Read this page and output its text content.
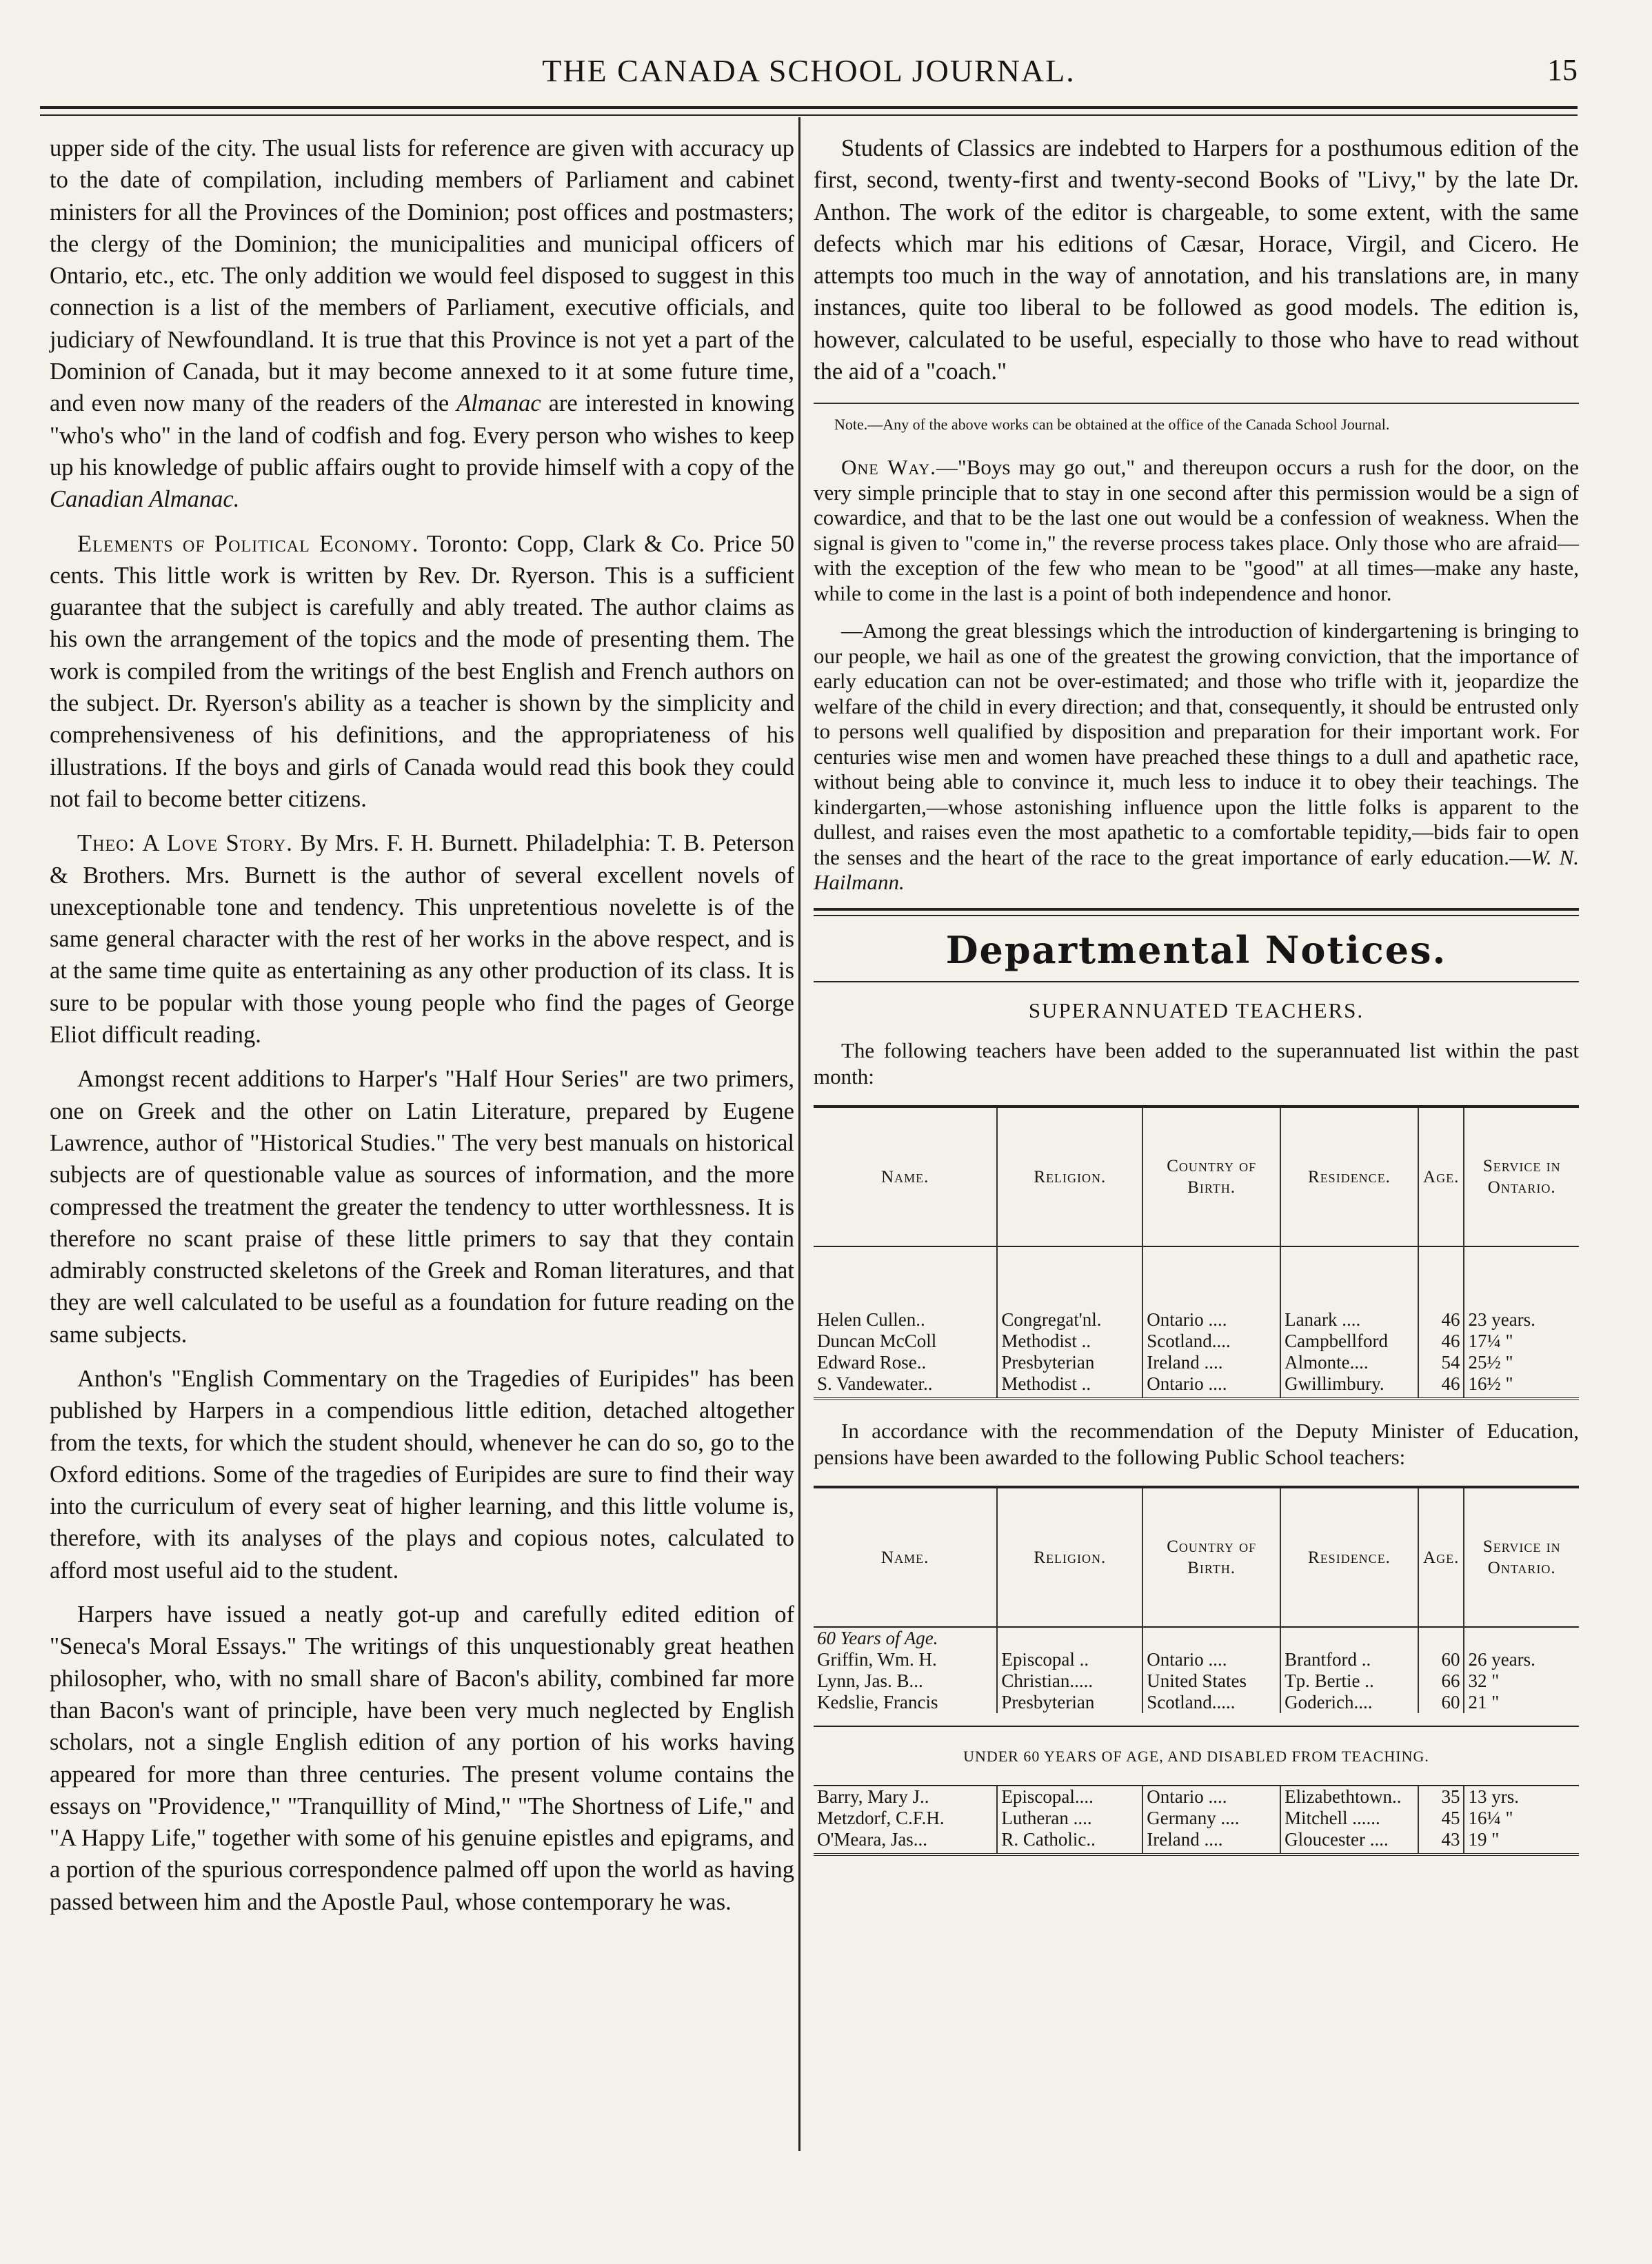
THE CANADA SCHOOL JOURNAL.	15

upper side of the city. The usual lists for reference are given with accuracy up to the date of compilation, including members of Parliament and cabinet ministers for all the Provinces of the Dominion; post offices and postmasters; the clergy of the Dominion; the municipalities and municipal officers of Ontario, etc., etc. The only addition we would feel disposed to suggest in this connection is a list of the members of Parliament, executive officials, and judiciary of Newfoundland. It is true that this Province is not yet a part of the Dominion of Canada, but it may become annexed to it at some future time, and even now many of the readers of the Almanac are interested in knowing "who's who" in the land of codfish and fog. Every person who wishes to keep up his knowledge of public affairs ought to provide himself with a copy of the Canadian Almanac.

Elements of Political Economy. Toronto: Copp, Clark & Co. Price 50 cents. This little work is written by Rev. Dr. Ryerson. This is a sufficient guarantee that the subject is carefully and ably treated. The author claims as his own the arrangement of the topics and the mode of presenting them. The work is compiled from the writings of the best English and French authors on the subject. Dr. Ryerson's ability as a teacher is shown by the simplicity and comprehensiveness of his definitions, and the appropriateness of his illustrations. If the boys and girls of Canada would read this book they could not fail to become better citizens.

Theo: A Love Story. By Mrs. F. H. Burnett. Philadelphia: T. B. Peterson & Brothers. Mrs. Burnett is the author of several excellent novels of unexceptionable tone and tendency. This unpretentious novelette is of the same general character with the rest of her works in the above respect, and is at the same time quite as entertaining as any other production of its class. It is sure to be popular with those young people who find the pages of George Eliot difficult reading.

Amongst recent additions to Harper's "Half Hour Series" are two primers, one on Greek and the other on Latin Literature, prepared by Eugene Lawrence, author of "Historical Studies." The very best manuals on historical subjects are of questionable value as sources of information, and the more compressed the treatment the greater the tendency to utter worthlessness. It is therefore no scant praise of these little primers to say that they contain admirably constructed skeletons of the Greek and Roman literatures, and that they are well calculated to be useful as a foundation for future reading on the same subjects.

Anthon's "English Commentary on the Tragedies of Euripides" has been published by Harpers in a compendious little edition, detached altogether from the texts, for which the student should, whenever he can do so, go to the Oxford editions. Some of the tragedies of Euripides are sure to find their way into the curriculum of every seat of higher learning, and this little volume is, therefore, with its analyses of the plays and copious notes, calculated to afford most useful aid to the student.

Harpers have issued a neatly got-up and carefully edited edition of "Seneca's Moral Essays." The writings of this unquestionably great heathen philosopher, who, with no small share of Bacon's ability, combined far more than Bacon's want of principle, have been very much neglected by English scholars, not a single English edition of any portion of his works having appeared for more than three centuries. The present volume contains the essays on "Providence," "Tranquillity of Mind," "The Shortness of Life," and "A Happy Life," together with some of his genuine epistles and epigrams, and a portion of the spurious correspondence palmed off upon the world as having passed between him and the Apostle Paul, whose contemporary he was.

Students of Classics are indebted to Harpers for a posthumous edition of the first, second, twenty-first and twenty-second Books of "Livy," by the late Dr. Anthon. The work of the editor is chargeable, to some extent, with the same defects which mar his editions of Cæsar, Horace, Virgil, and Cicero. He attempts too much in the way of annotation, and his translations are, in many instances, quite too liberal to be followed as good models. The edition is, however, calculated to be useful, especially to those who have to read without the aid of a "coach."

Note.—Any of the above works can be obtained at the office of the Canada School Journal.

One Way.—"Boys may go out," and thereupon occurs a rush for the door, on the very simple principle that to stay in one second after this permission would be a sign of cowardice, and that to be the last one out would be a confession of weakness. When the signal is given to "come in," the reverse process takes place. Only those who are afraid—with the exception of the few who mean to be "good" at all times—make any haste, while to come in the last is a point of both independence and honor.

—Among the great blessings which the introduction of kindergartening is bringing to our people, we hail as one of the greatest the growing conviction, that the importance of early education can not be over-estimated; and those who trifle with it, jeopardize the welfare of the child in every direction; and that, consequently, it should be entrusted only to persons well qualified by disposition and preparation for their important work. For centuries wise men and women have preached these things to a dull and apathetic race, without being able to convince it, much less to induce it to obey their teachings. The kindergarten,—whose astonishing influence upon the little folks is apparent to the dullest, and raises even the most apathetic to a comfortable tepidity,—bids fair to open the senses and the heart of the race to the great importance of early education.—W. N. Hailmann.

Departmental Notices.
SUPERANNUATED TEACHERS.

The following teachers have been added to the superannuated list within the past month:

Name.	Religion.	Country of Birth.	Residence.	Age.	Service in Ontario.

Helen Cullen..	Congregat'nl.	Ontario ....	Lanark ....	46	23 years.
Duncan McColl	Methodist ..	Scotland....	Campbellford	46	17¼ "
Edward Rose..	Presbyterian	Ireland ....	Almonte....	54	25½ "
S. Vandewater..	Methodist ..	Ontario ....	Gwillimbury.	46	16½ "

In accordance with the recommendation of the Deputy Minister of Education, pensions have been awarded to the following Public School teachers:

Name.	Religion.	Country of Birth.	Residence.	Age.	Service in Ontario.
60 Years of Age.					
Griffin, Wm. H.	Episcopal ..	Ontario ....	Brantford ..	60	26 years.
Lynn, Jas. B...	Christian.....	United States	Tp. Bertie ..	66	32 "
Kedslie, Francis	Presbyterian	Scotland.....	Goderich....	60	21 "
UNDER 60 YEARS OF AGE, AND DISABLED FROM TEACHING.
Barry, Mary J..	Episcopal....	Ontario ....	Elizabethtown..	35	13 yrs.
Metzdorf, C.F.H.	Lutheran ....	Germany ....	Mitchell ......	45	16¼ "
O'Meara, Jas...	R. Catholic..	Ireland ....	Gloucester ....	43	19 "
